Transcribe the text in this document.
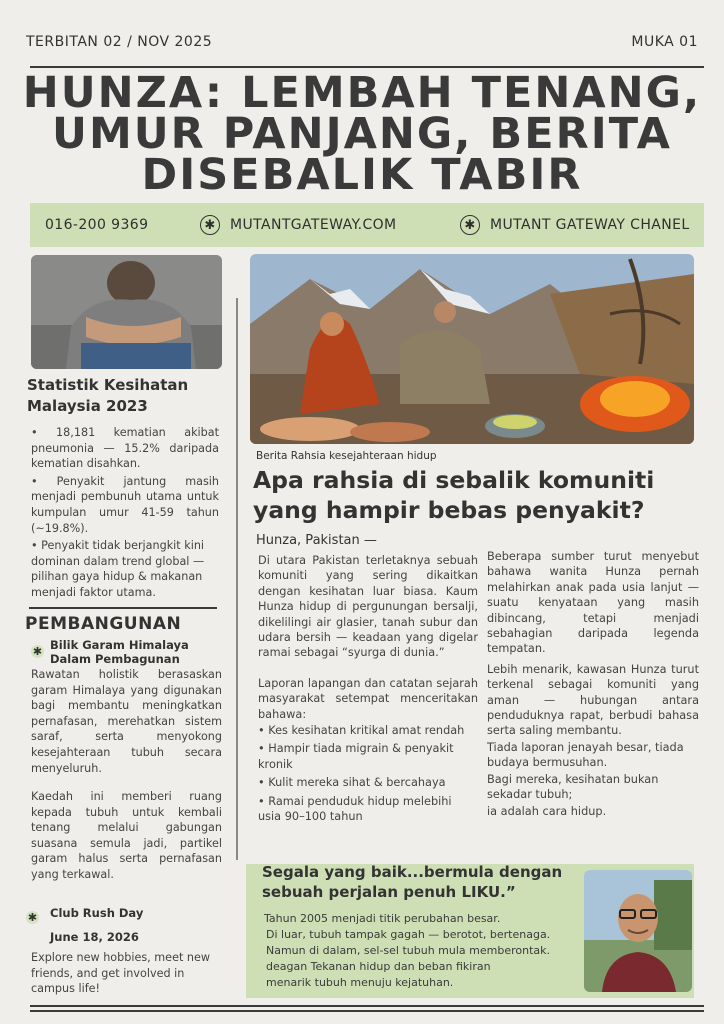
TERBITAN 02 / NOV 2025	MUKA 01
HUNZA: LEMBAH TENANG,
UMUR PANJANG, BERITA
DISEBALIK TABIR
016-200 9369	✱	MUTANTGATEWAY.COM	✱	MUTANT GATEWAY CHANEL
Statistik Kesihatan
Malaysia 2023
• 18,181 kematian akibat pneumonia — 15.2% daripada kematian disahkan.
• Penyakit jantung masih menjadi pembunuh utama untuk kumpulan umur 41-59 tahun (~19.8%).
• Penyakit tidak berjangkit kini dominan dalam trend global — pilihan gaya hidup & makanan menjadi faktor utama.
PEMBANGUNAN
✱ Bilik Garam Himalaya
Dalam Pembagunan
Rawatan holistik berasaskan garam Himalaya yang digunakan bagi membantu meningkatkan pernafasan, merehatkan sistem saraf, serta menyokong kesejahteraan tubuh secara menyeluruh.
Kaedah ini memberi ruang kepada tubuh untuk kembali tenang melalui gabungan suasana semula jadi, partikel garam halus serta pernafasan yang terkawal.
✱ Club Rush Day
June 18, 2026
Explore new hobbies, meet new friends, and get involved in campus life!
Berita Rahsia kesejahteraan hidup
Apa rahsia di sebalik komuniti
yang hampir bebas penyakit?
Hunza, Pakistan —

Di utara Pakistan terletaknya sebuah komuniti yang sering dikaitkan dengan kesihatan luar biasa. Kaum Hunza hidup di pergunungan bersalji, dikelilingi air glasier, tanah subur dan udara bersih — keadaan yang digelar ramai sebagai “syurga di dunia.”

Laporan lapangan dan catatan sejarah masyarakat setempat menceritakan bahawa:

• Kes kesihatan kritikal amat rendah

• Hampir tiada migrain & penyakit kronik

• Kulit mereka sihat & bercahaya

• Ramai penduduk hidup melebihi usia 90–100 tahun

Beberapa sumber turut menyebut bahawa wanita Hunza pernah melahirkan anak pada usia lanjut — suatu kenyataan yang masih dibincang, tetapi menjadi sebahagian daripada legenda tempatan.

Lebih menarik, kawasan Hunza turut terkenal sebagai komuniti yang aman — hubungan antara penduduknya rapat, berbudi bahasa serta saling membantu.

Tiada laporan jenayah besar, tiada budaya bermusuhan.

Bagi mereka, kesihatan bukan sekadar tubuh;

ia adalah cara hidup.

Segala yang baik...bermula dengan
sebuah perjalan penuh LIKU.”
Tahun 2005 menjadi titik perubahan besar.
Di luar, tubuh tampak gagah — berotot, bertenaga.
Namun di dalam, sel-sel tubuh mula memberontak.
deagan Tekanan hidup dan beban fikiran
menarik tubuh menuju kejatuhan.
